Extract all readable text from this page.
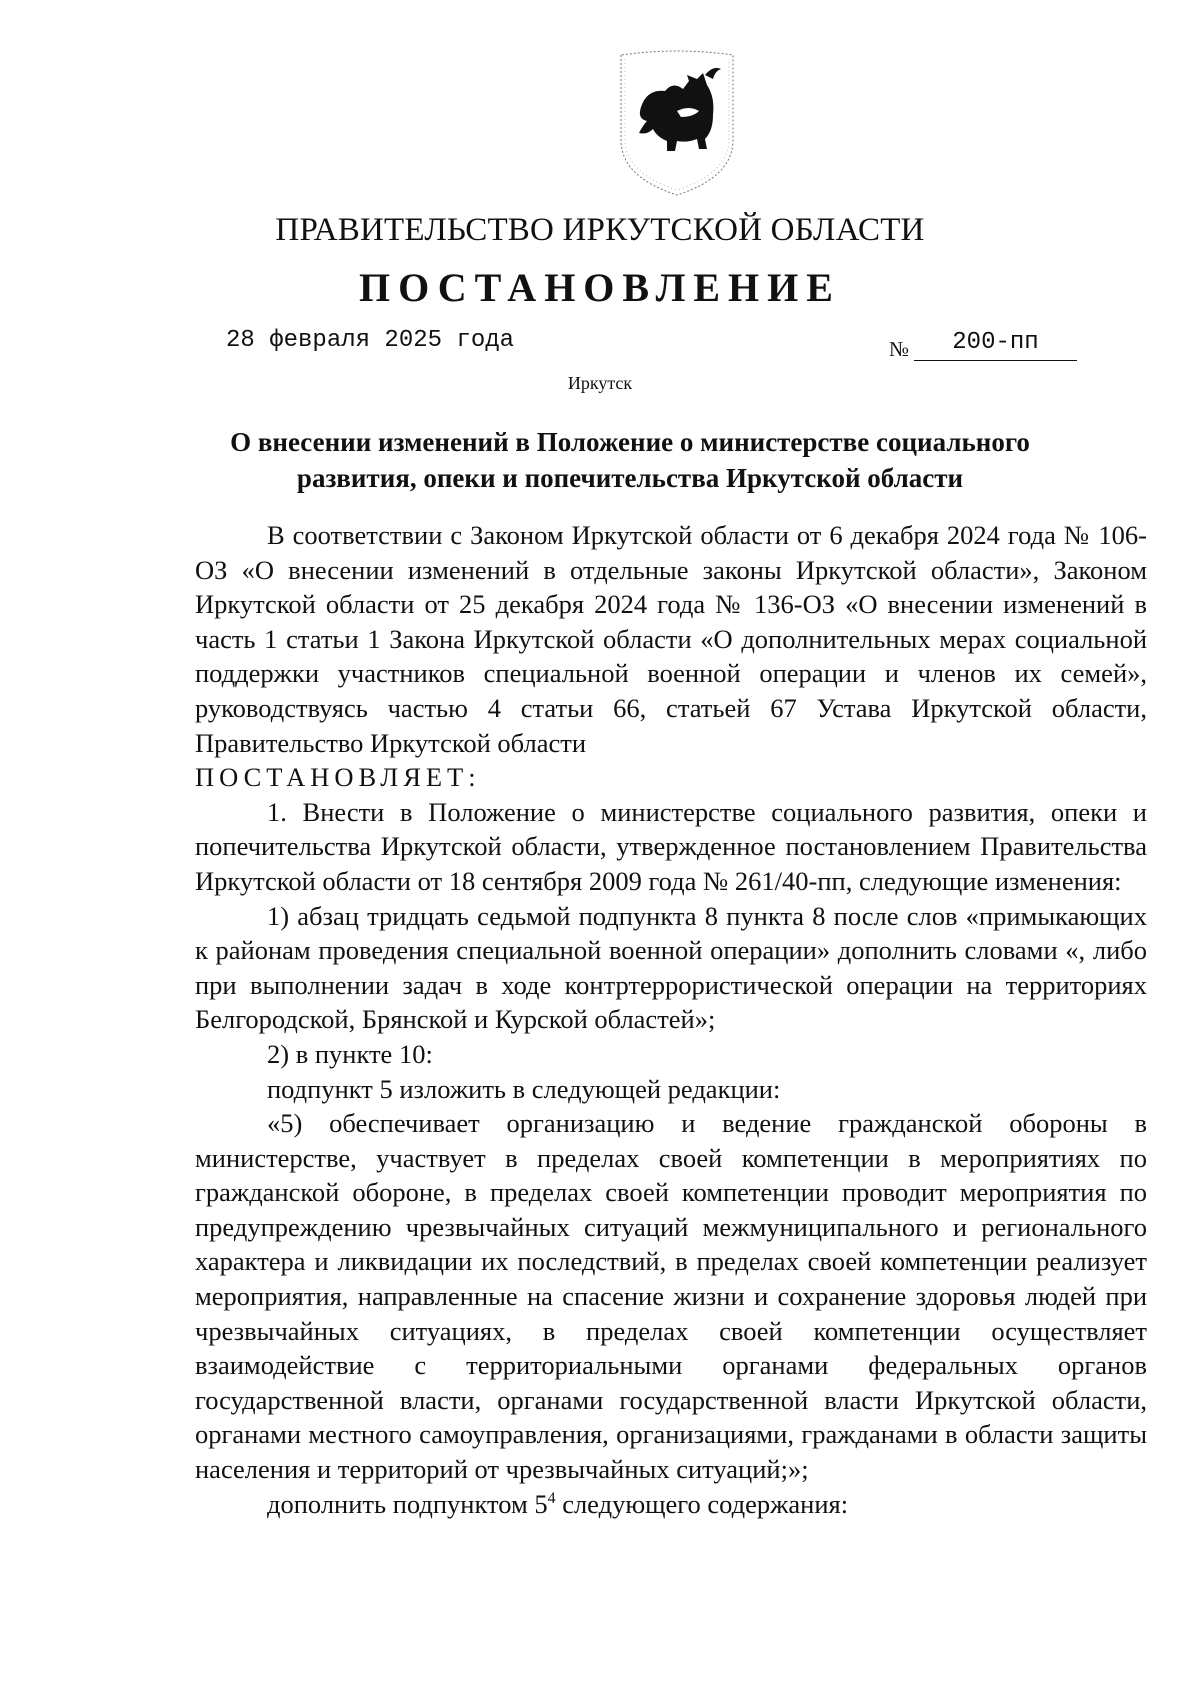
ПРАВИТЕЛЬСТВО ИРКУТСКОЙ ОБЛАСТИ
ПОСТАНОВЛЕНИЕ
28 февраля 2025 года	№	200-пп
Иркутск
О внесении изменений в Положение о министерстве социального
развития, опеки и попечительства Иркутской области

В соответствии с Законом Иркутской области от 6 декабря 2024 года № 106-ОЗ «О внесении изменений в отдельные законы Иркутской области», Законом Иркутской области от 25 декабря 2024 года № 136-ОЗ «О внесении изменений в часть 1 статьи 1 Закона Иркутской области «О дополнительных мерах социальной поддержки участников специальной военной операции и членов их семей», руководствуясь частью 4 статьи 66, статьей 67 Устава Иркутской области, Правительство Иркутской области

ПОСТАНОВЛЯЕТ:

1. Внести в Положение о министерстве социального развития, опеки и попечительства Иркутской области, утвержденное постановлением Правительства Иркутской области от 18 сентября 2009 года № 261/40-пп, следующие изменения:

1) абзац тридцать седьмой подпункта 8 пункта 8 после слов «примыкающих к районам проведения специальной военной операции» дополнить словами «, либо при выполнении задач в ходе контртеррористической операции на территориях Белгородской, Брянской и Курской областей»;

2) в пункте 10:

подпункт 5 изложить в следующей редакции:

«5) обеспечивает организацию и ведение гражданской обороны в министерстве, участвует в пределах своей компетенции в мероприятиях по гражданской обороне, в пределах своей компетенции проводит мероприятия по предупреждению чрезвычайных ситуаций межмуниципального и регионального характера и ликвидации их последствий, в пределах своей компетенции реализует мероприятия, направленные на спасение жизни и сохранение здоровья людей при чрезвычайных ситуациях, в пределах своей компетенции осуществляет взаимодействие с территориальными органами федеральных органов государственной власти, органами государственной власти Иркутской области, органами местного самоуправления, организациями, гражданами в области защиты населения и территорий от чрезвычайных ситуаций;»;

дополнить подпунктом $5^4$ следующего содержания:
